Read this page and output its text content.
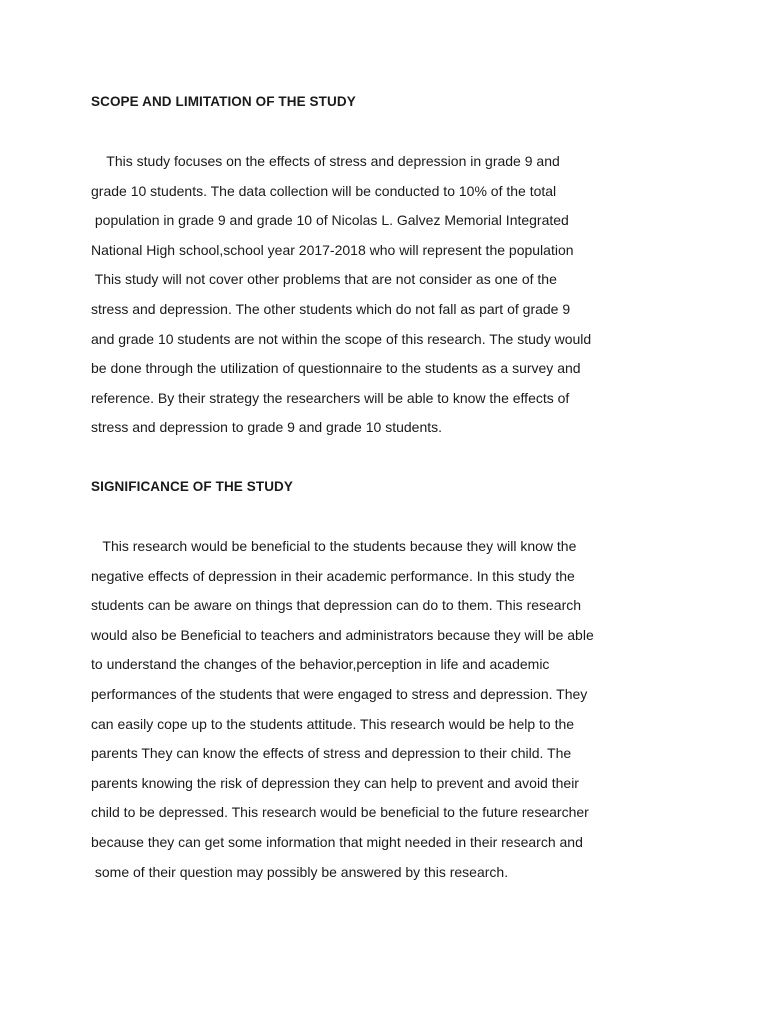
SCOPE AND LIMITATION OF THE STUDY
This study focuses on the effects of stress and depression in grade 9 and
grade 10 students. The data collection will be conducted to 10% of the total
population in grade 9 and grade 10 of Nicolas L. Galvez Memorial Integrated
National High school,school year 2017-2018 who will represent the population
This study will not cover other problems that are not consider as one of the
stress and depression. The other students which do not fall as part of grade 9
and grade 10 students are not within the scope of this research. The study would
be done through the utilization of questionnaire to the students as a survey and
reference. By their strategy the researchers will be able to know the effects of
stress and depression to grade 9 and grade 10 students.
SIGNIFICANCE OF THE STUDY
This research would be beneficial to the students because they will know the
negative effects of depression in their academic performance. In this study the
students can be aware on things that depression can do to them. This research
would also be Beneficial to teachers and administrators because they will be able
to understand the changes of the behavior,perception in life and academic
performances of the students that were engaged to stress and depression. They
can easily cope up to the students attitude. This research would be help to the
parents They can know the effects of stress and depression to their child. The
parents knowing the risk of depression they can help to prevent and avoid their
child to be depressed. This research would be beneficial to the future researcher
because they can get some information that might needed in their research and
some of their question may possibly be answered by this research.
